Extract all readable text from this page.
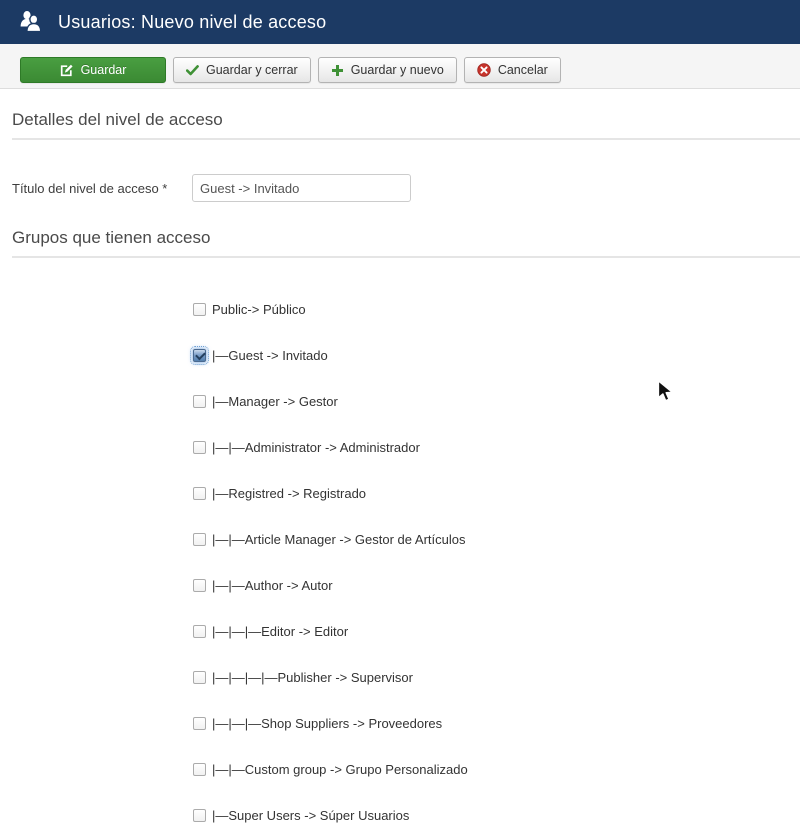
Usuarios: Nuevo nivel de acceso
Guardar	Guardar y cerrar	Guardar y nuevo	Cancelar
Detalles del nivel de acceso
Título del nivel de acceso *
Guest -> Invitado
Grupos que tienen acceso
Public-> Público
|—Guest -> Invitado
|—Manager -> Gestor
|—|—Administrator -> Administrador
|—Registred -> Registrado
|—|—Article Manager -> Gestor de Artículos
|—|—Author -> Autor
|—|—|—Editor -> Editor
|—|—|—|—Publisher -> Supervisor
|—|—|—Shop Suppliers -> Proveedores
|—|—Custom group -> Grupo Personalizado
|—Super Users -> Súper Usuarios
